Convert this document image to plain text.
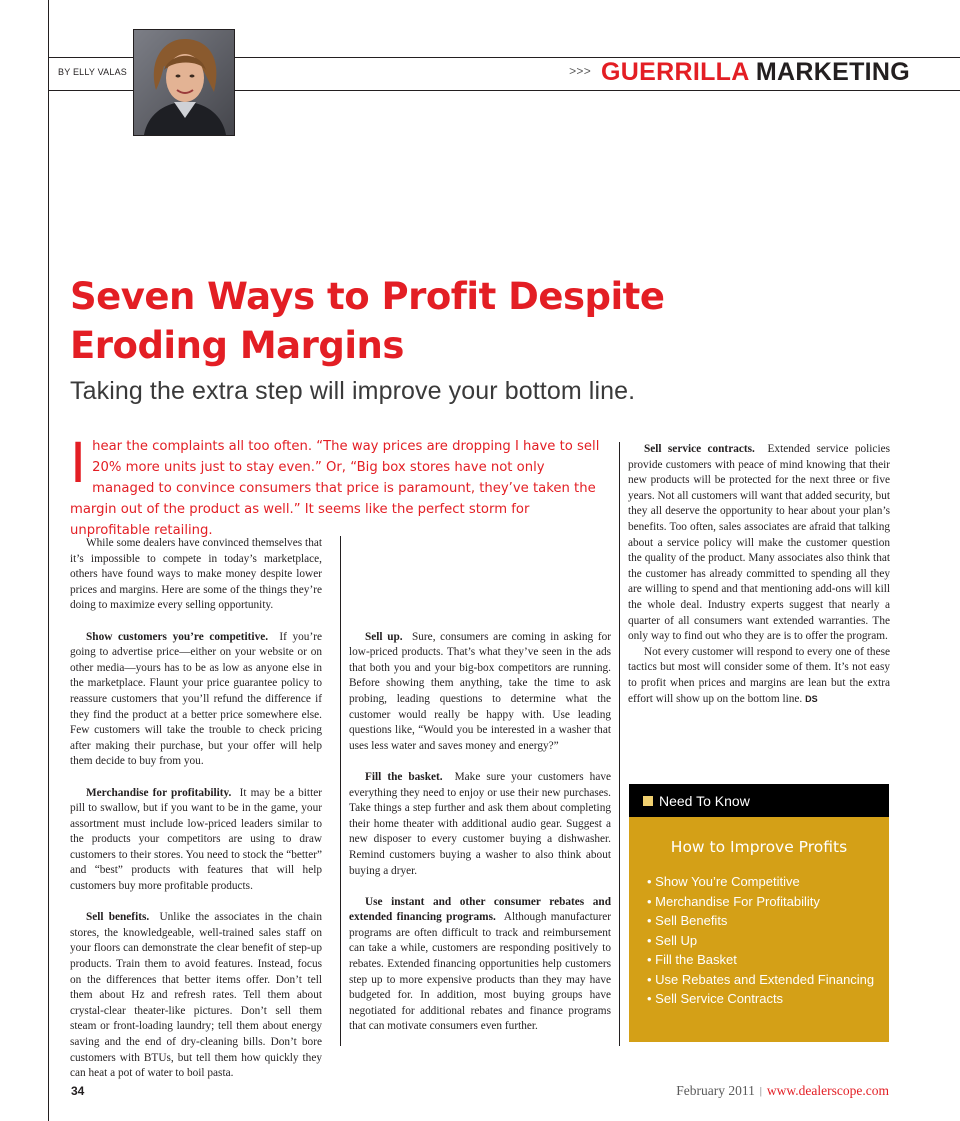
BY ELLY VALAS	>>> GUERRILLA MARKETING
Seven Ways to Profit Despite
Eroding Margins
Taking the extra step will improve your bottom line.

I hear the complaints all too often. “The way prices are dropping I have to sell 20% more units just to stay even.” Or, “Big box stores have not only managed to convince consumers that price is paramount, they’ve taken the margin out of the product as well.” It seems like the perfect storm for unprofitable retailing.

While some dealers have convinced themselves that it’s impossible to compete in today’s marketplace, others have found ways to make money despite lower prices and margins. Here are some of the things they’re doing to maximize every selling opportunity.

Show customers you’re competitive. If you’re going to advertise price—either on your website or on other media—yours has to be as low as anyone else in the marketplace. Flaunt your price guarantee policy to reassure customers that you’ll refund the difference if they find the product at a better price somewhere else. Few customers will take the trouble to check pricing after making their purchase, but your offer will help them decide to buy from you.

Merchandise for profitability. It may be a bitter pill to swallow, but if you want to be in the game, your assortment must include low-priced leaders similar to the products your competitors are using to draw customers to their stores. You need to stock the “better” and “best” products with features that will help customers buy more profitable products.

Sell benefits. Unlike the associates in the chain stores, the knowledgeable, well-trained sales staff on your floors can demonstrate the clear benefit of step-up products. Train them to avoid features. Instead, focus on the differences that better items offer. Don’t tell them about Hz and refresh rates. Tell them about crystal-clear theater-like pictures. Don’t sell them steam or front-loading laundry; tell them about energy saving and the end of dry-cleaning bills. Don’t bore customers with BTUs, but tell them how quickly they can heat a pot of water to boil pasta.

Sell up. Sure, consumers are coming in asking for low-priced products. That’s what they’ve seen in the ads that both you and your big-box competitors are running. Before showing them anything, take the time to ask probing, leading questions to determine what the customer would really be happy with. Use leading questions like, “Would you be interested in a washer that uses less water and saves money and energy?”

Fill the basket. Make sure your customers have everything they need to enjoy or use their new purchases. Take things a step further and ask them about completing their home theater with additional audio gear. Suggest a new disposer to every customer buying a dishwasher. Remind customers buying a washer to also think about buying a dryer.

Use instant and other consumer rebates and extended financing programs. Although manufacturer programs are often difficult to track and reimbursement can take a while, customers are responding positively to rebates. Extended financing opportunities help customers step up to more expensive products than they may have budgeted for. In addition, most buying groups have negotiated for additional rebates and finance programs that can motivate consumers even further.

Sell service contracts. Extended service policies provide customers with peace of mind knowing that their new products will be protected for the next three or five years. Not all customers will want that added security, but they all deserve the opportunity to hear about your plan’s benefits. Too often, sales associates are afraid that talking about a service policy will make the customer question the quality of the product. Many associates also think that the customer has already committed to spending all they are willing to spend and that mentioning add-ons will kill the whole deal. Industry experts suggest that nearly a quarter of all consumers want extended warranties. The only way to find out who they are is to offer the program.

Not every customer will respond to every one of these tactics but most will consider some of them. It’s not easy to profit when prices and margins are lean but the extra effort will show up on the bottom line. DS

Need To Know
How to Improve Profits
• Show You’re Competitive
• Merchandise For Profitability
• Sell Benefits
• Sell Up
• Fill the Basket
• Use Rebates and Extended Financing
• Sell Service Contracts
34	February 2011 | www.dealerscope.com
